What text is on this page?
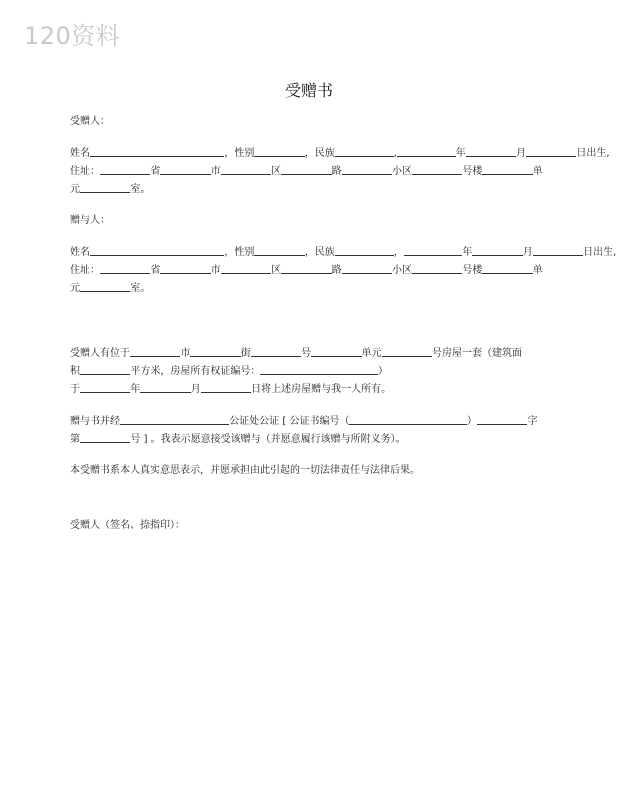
120资料
受赠书

受赠人：

姓名	，性别	，民族	,	年	月	日出生,

住址：	省	市	区	路	小区	号楼	单

元	室。

赠与人：

姓名	，性别	，民族	，	年	月	日出生,

住址：	省	市	区	路	小区	号楼	单

元	室。

受赠人有位于	市	街	号	单元	号房屋一套（建筑面

积	平方米，房屋所有权证编号：	）

于	年	月	日将上述房屋赠与我一人所有。

赠与书并经	公证处公证 [ 公证书编号（	）	字

第	号 ] 。我表示愿意接受该赠与（并愿意履行该赠与所附义务）。

本受赠书系本人真实意思表示，并愿承担由此引起的一切法律责任与法律后果。

受赠人（签名、捺指印）：
